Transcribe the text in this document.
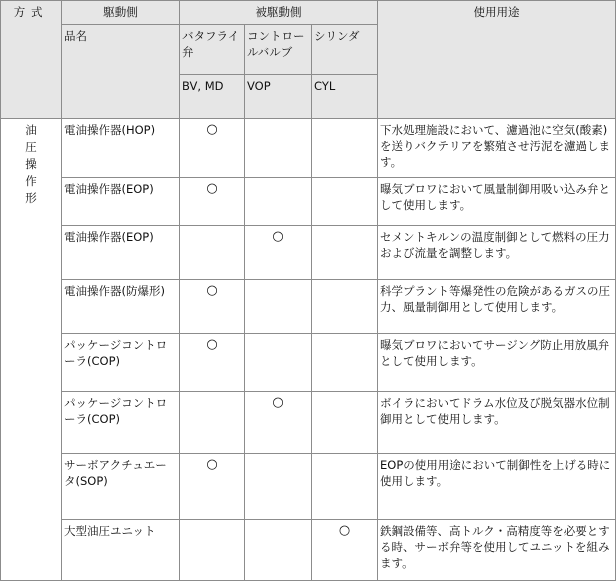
方式	駆動側	被駆動側			使用用途
	品名	バタフライ弁	コントロールバルブ	シリンダ	
		BV, MD	VOP	CYL	
油圧操作形	電油操作器(HOP)	○			下水処理施設において、濾過池に空気(酸素)を送りバクテリアを繁殖させ汚泥を濾過します。
	電油操作器(EOP)	○			曝気ブロワにおいて風量制御用吸い込み弁として使用します。
	電油操作器(EOP)		○		セメントキルンの温度制御として燃料の圧力および流量を調整します。
	電油操作器(防爆形)	○			科学プラント等爆発性の危険があるガスの圧力、風量制御用として使用します。
	パッケージコントローラ(COP)	○			曝気ブロワにおいてサージング防止用放風弁として使用します。
	パッケージコントローラ(COP)		○		ボイラにおいてドラム水位及び脱気器水位制御用として使用します。
	サーボアクチュエータ(SOP)	○			EOPの使用用途において制御性を上げる時に使用します。
	大型油圧ユニット			○	鉄鋼設備等、高トルク・高精度等を必要とする時、サーボ弁等を使用してユニットを組みます。
